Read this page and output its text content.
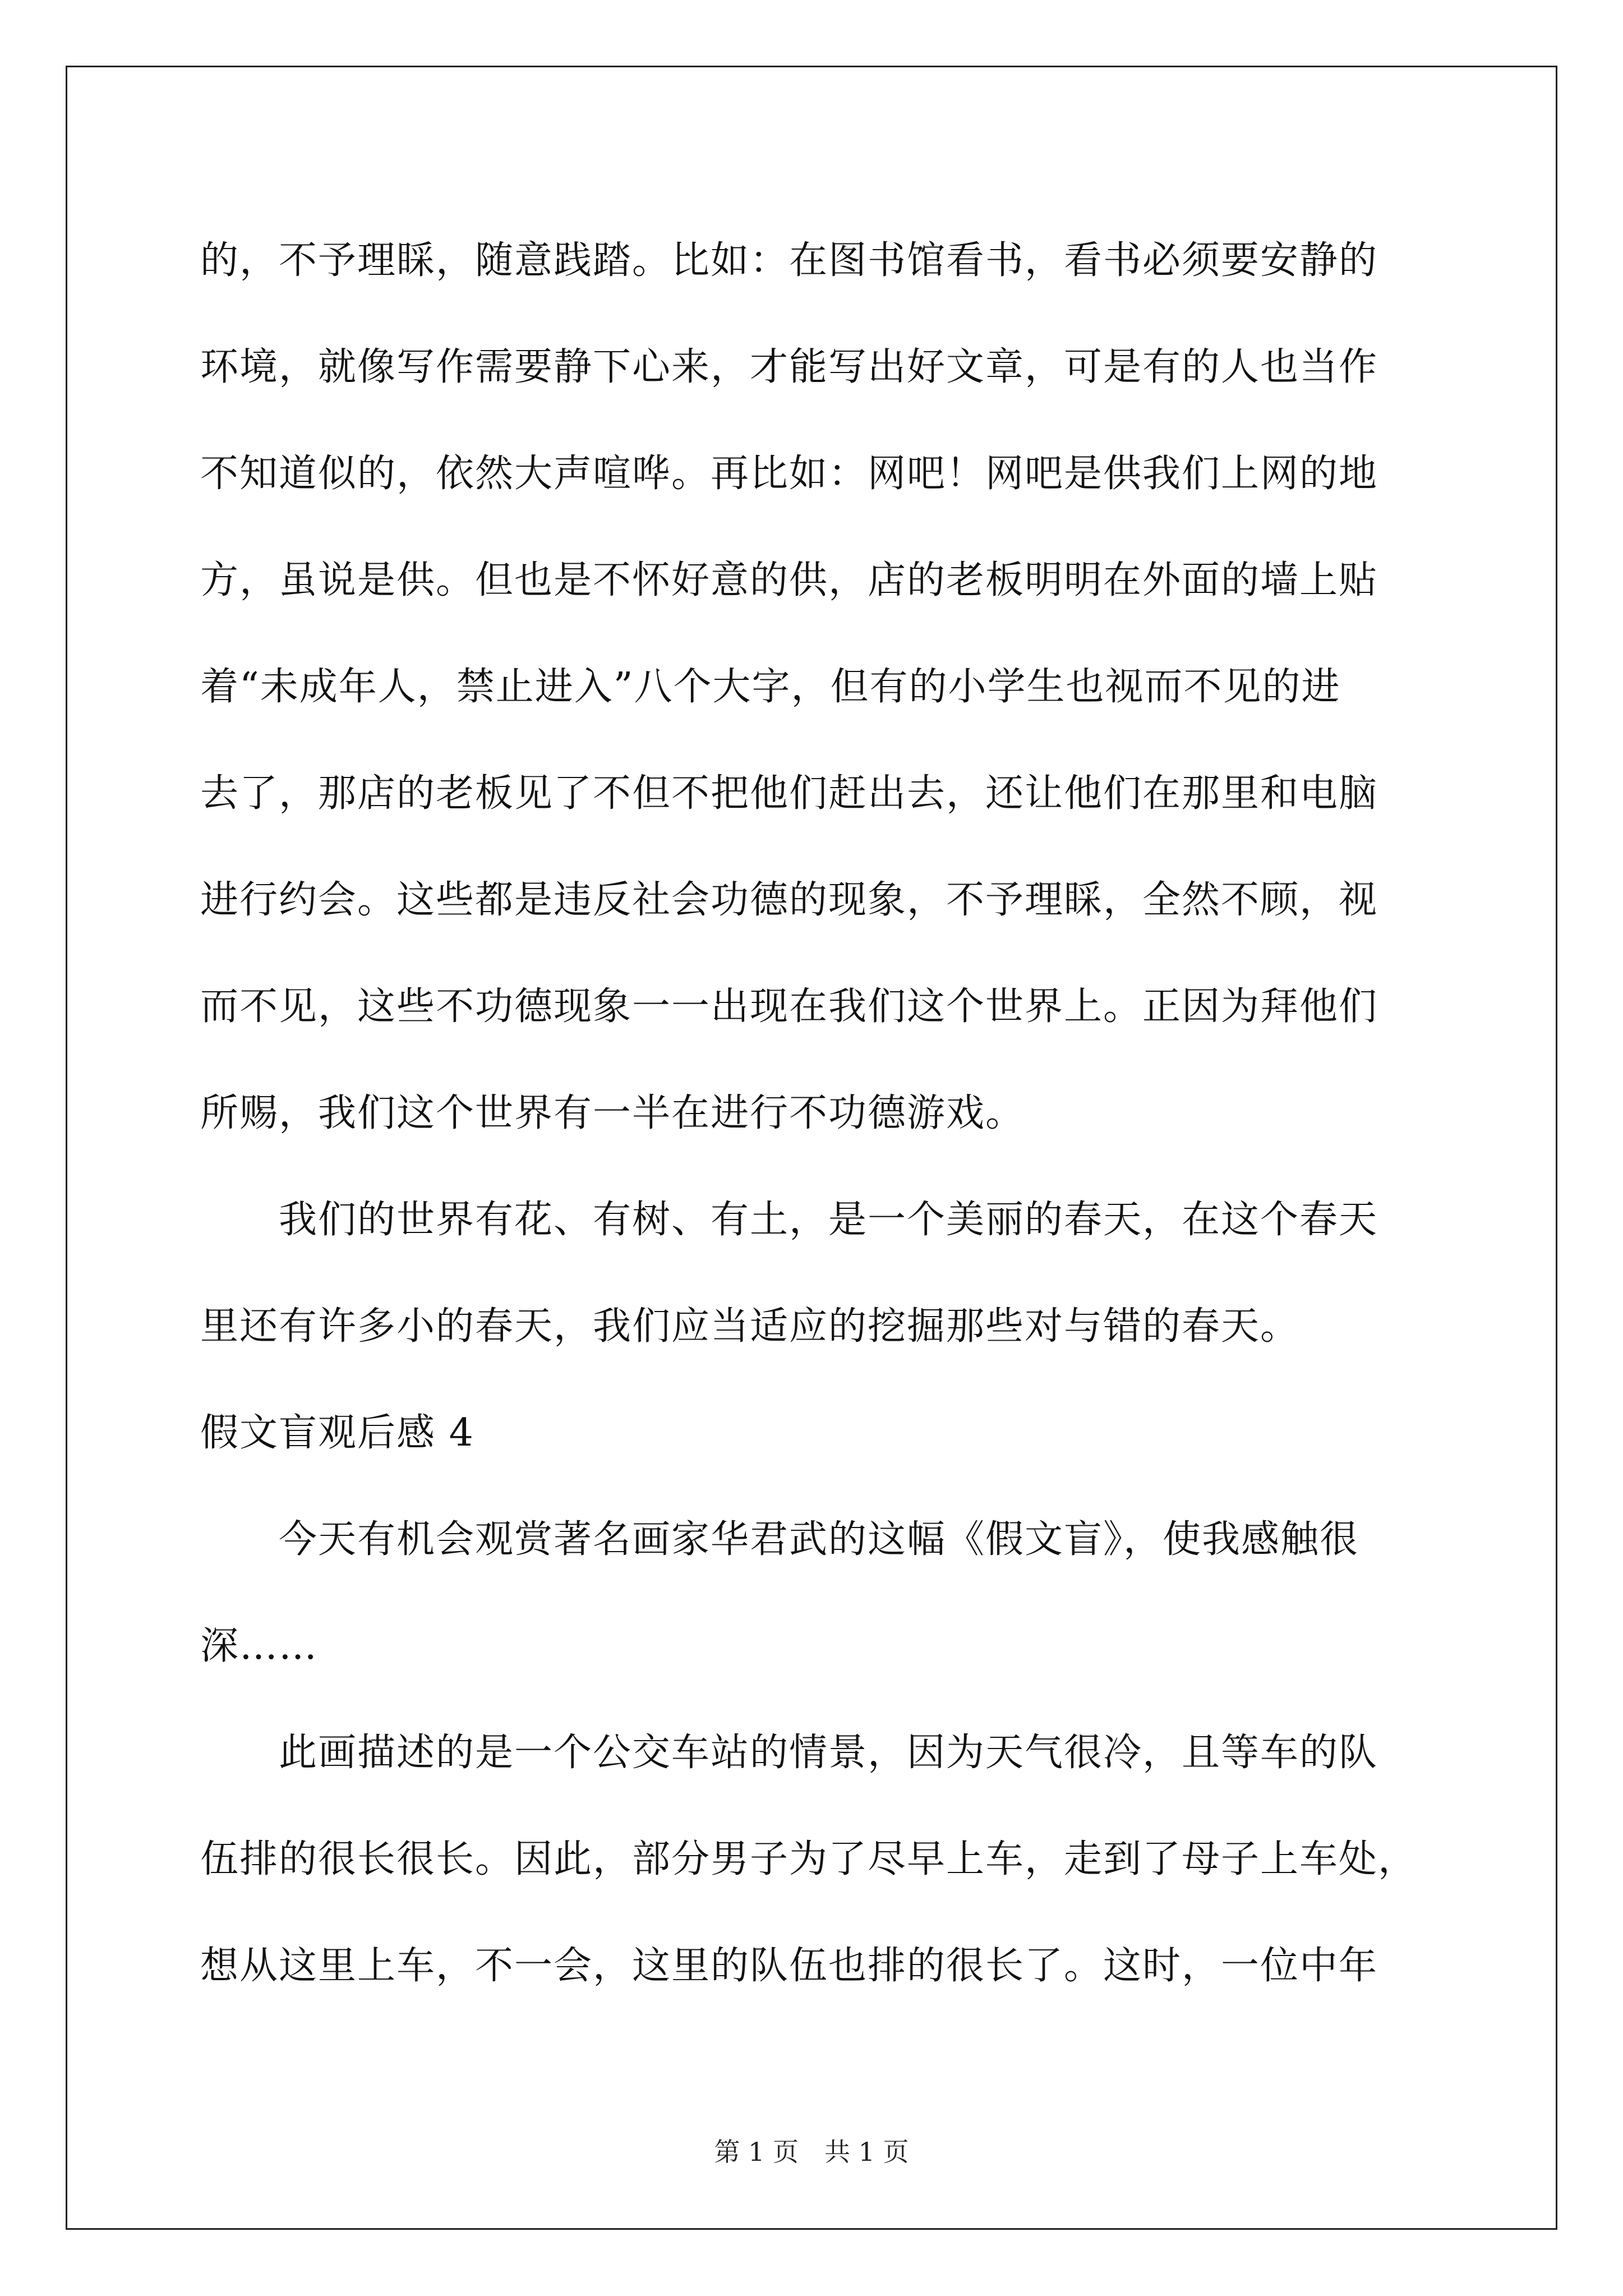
的，不予理睬，随意践踏。比如：在图书馆看书，看书必须要安静的
环境，就像写作需要静下心来，才能写出好文章，可是有的人也当作
不知道似的，依然大声喧哗。再比如：网吧！网吧是供我们上网的地
方，虽说是供。但也是不怀好意的供，店的老板明明在外面的墙上贴
着“未成年人，禁止进入”八个大字，但有的小学生也视而不见的进
去了，那店的老板见了不但不把他们赶出去，还让他们在那里和电脑
进行约会。这些都是违反社会功德的现象，不予理睬，全然不顾，视
而不见，这些不功德现象一一出现在我们这个世界上。正因为拜他们
所赐，我们这个世界有一半在进行不功德游戏。
我们的世界有花、有树、有土，是一个美丽的春天，在这个春天
里还有许多小的春天，我们应当适应的挖掘那些对与错的春天。
假文盲观后感 4
今天有机会观赏著名画家华君武的这幅《假文盲》，使我感触很
深……
此画描述的是一个公交车站的情景，因为天气很冷，且等车的队
伍排的很长很长。因此，部分男子为了尽早上车，走到了母子上车处，
想从这里上车，不一会，这里的队伍也排的很长了。这时，一位中年
第 1 页　共 1 页
